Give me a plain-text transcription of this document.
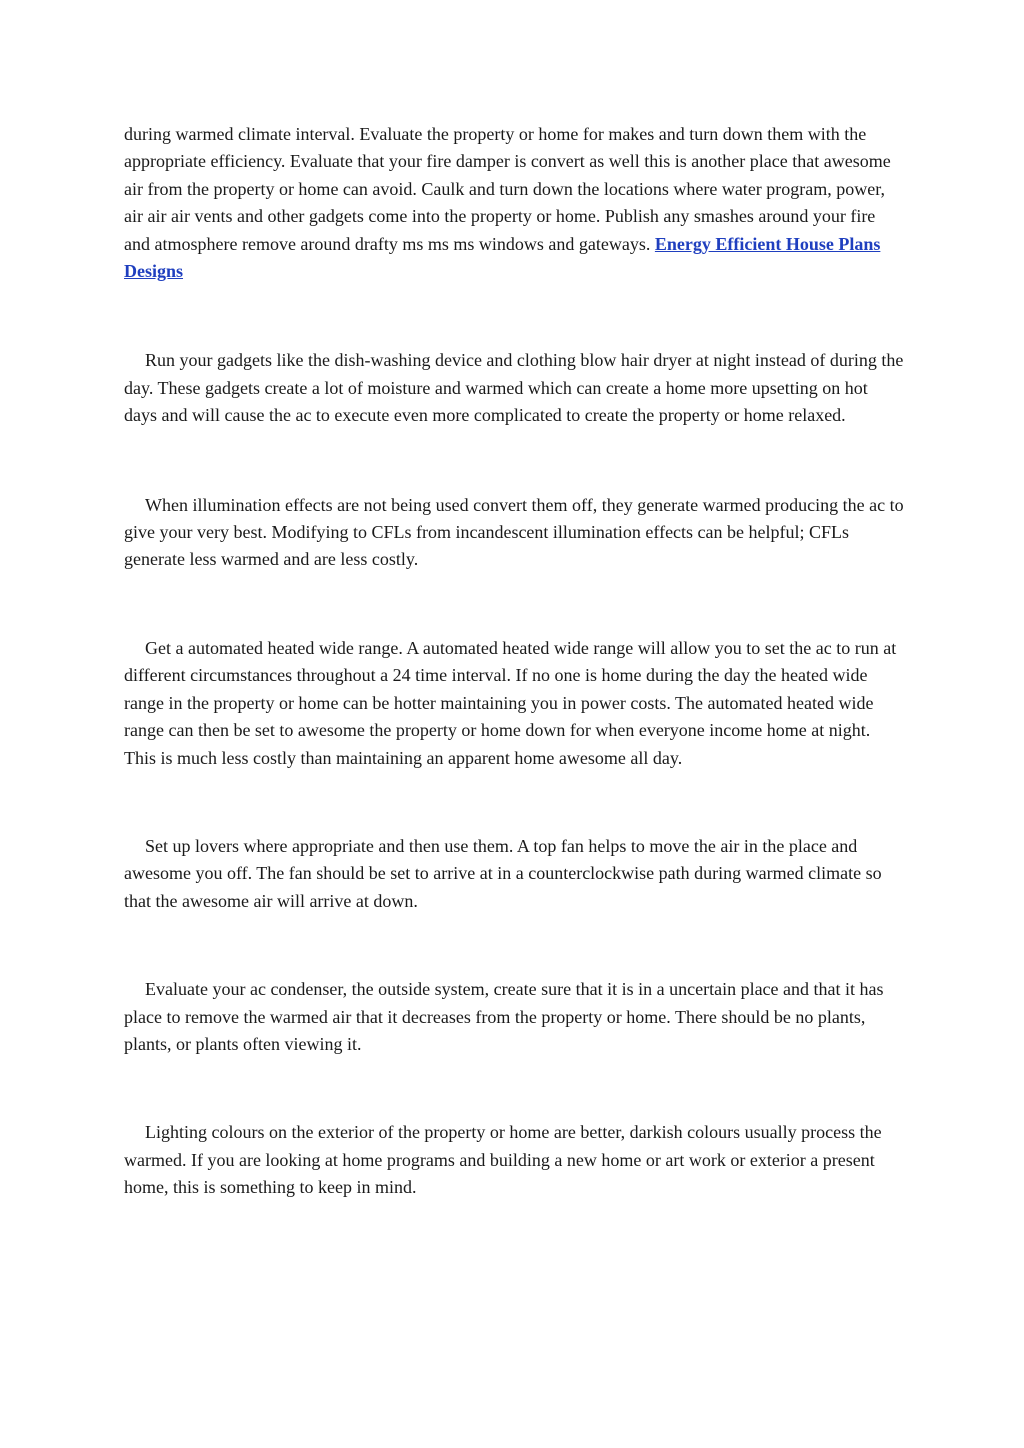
during warmed climate interval. Evaluate the property or home for makes and turn down them with the appropriate efficiency. Evaluate that your fire damper is convert as well this is another place that awesome air from the property or home can avoid. Caulk and turn down the locations where water program, power, air air air vents and other gadgets come into the property or home. Publish any smashes around your fire and atmosphere remove around drafty ms ms ms windows and gateways. Energy Efficient House Plans Designs

Run your gadgets like the dish-washing device and clothing blow hair dryer at night instead of during the day. These gadgets create a lot of moisture and warmed which can create a home more upsetting on hot days and will cause the ac to execute even more complicated to create the property or home relaxed.

When illumination effects are not being used convert them off, they generate warmed producing the ac to give your very best. Modifying to CFLs from incandescent illumination effects can be helpful; CFLs generate less warmed and are less costly.

Get a automated heated wide range. A automated heated wide range will allow you to set the ac to run at different circumstances throughout a 24 time interval. If no one is home during the day the heated wide range in the property or home can be hotter maintaining you in power costs. The automated heated wide range can then be set to awesome the property or home down for when everyone income home at night. This is much less costly than maintaining an apparent home awesome all day.

Set up lovers where appropriate and then use them. A top fan helps to move the air in the place and awesome you off. The fan should be set to arrive at in a counterclockwise path during warmed climate so that the awesome air will arrive at down.

Evaluate your ac condenser, the outside system, create sure that it is in a uncertain place and that it has place to remove the warmed air that it decreases from the property or home. There should be no plants, plants, or plants often viewing it.

Lighting colours on the exterior of the property or home are better, darkish colours usually process the warmed. If you are looking at home programs and building a new home or art work or exterior a present home, this is something to keep in mind.
